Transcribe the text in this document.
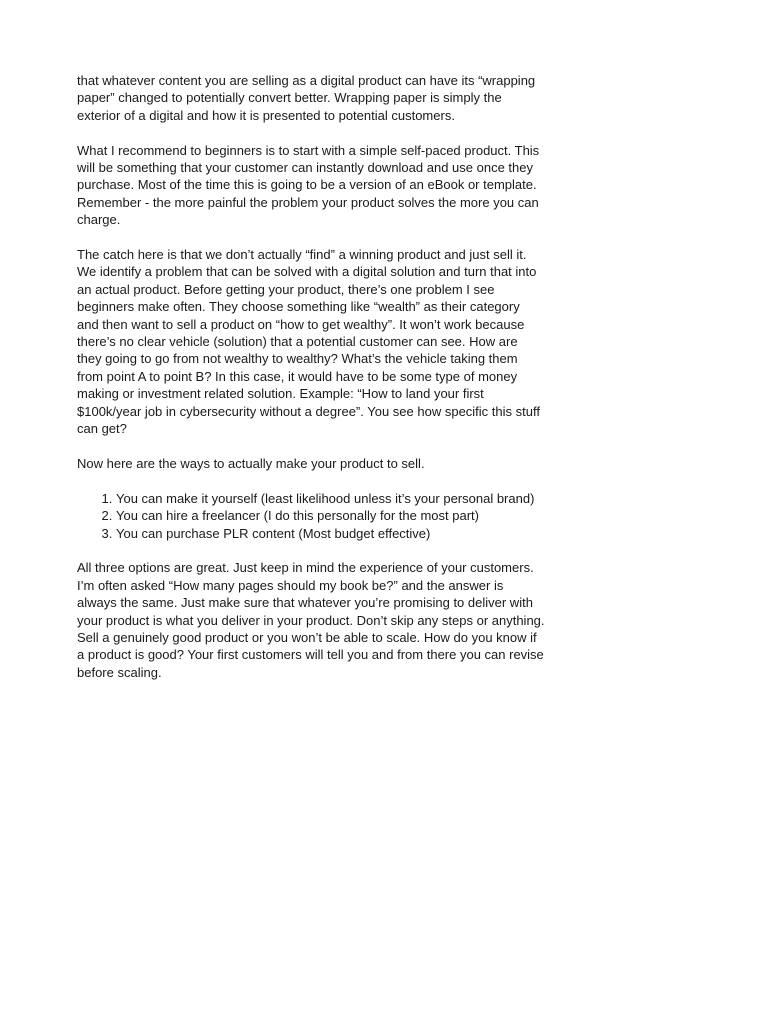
that whatever content you are selling as a digital product can have its “wrapping
paper” changed to potentially convert better. Wrapping paper is simply the
exterior of a digital and how it is presented to potential customers.

What I recommend to beginners is to start with a simple self-paced product. This
will be something that your customer can instantly download and use once they
purchase. Most of the time this is going to be a version of an eBook or template.
Remember - the more painful the problem your product solves the more you can
charge.

The catch here is that we don’t actually “find” a winning product and just sell it.
We identify a problem that can be solved with a digital solution and turn that into
an actual product. Before getting your product, there’s one problem I see
beginners make often. They choose something like “wealth” as their category
and then want to sell a product on “how to get wealthy”. It won’t work because
there’s no clear vehicle (solution) that a potential customer can see. How are
they going to go from not wealthy to wealthy? What’s the vehicle taking them
from point A to point B? In this case, it would have to be some type of money
making or investment related solution. Example: “How to land your first
$100k/year job in cybersecurity without a degree”. You see how specific this stuff
can get?

Now here are the ways to actually make your product to sell.

1. You can make it yourself (least likelihood unless it’s your personal brand)
2. You can hire a freelancer (I do this personally for the most part)
3. You can purchase PLR content (Most budget effective)

All three options are great. Just keep in mind the experience of your customers.
I’m often asked “How many pages should my book be?” and the answer is
always the same. Just make sure that whatever you’re promising to deliver with
your product is what you deliver in your product. Don’t skip any steps or anything.
Sell a genuinely good product or you won’t be able to scale. How do you know if
a product is good? Your first customers will tell you and from there you can revise
before scaling.
